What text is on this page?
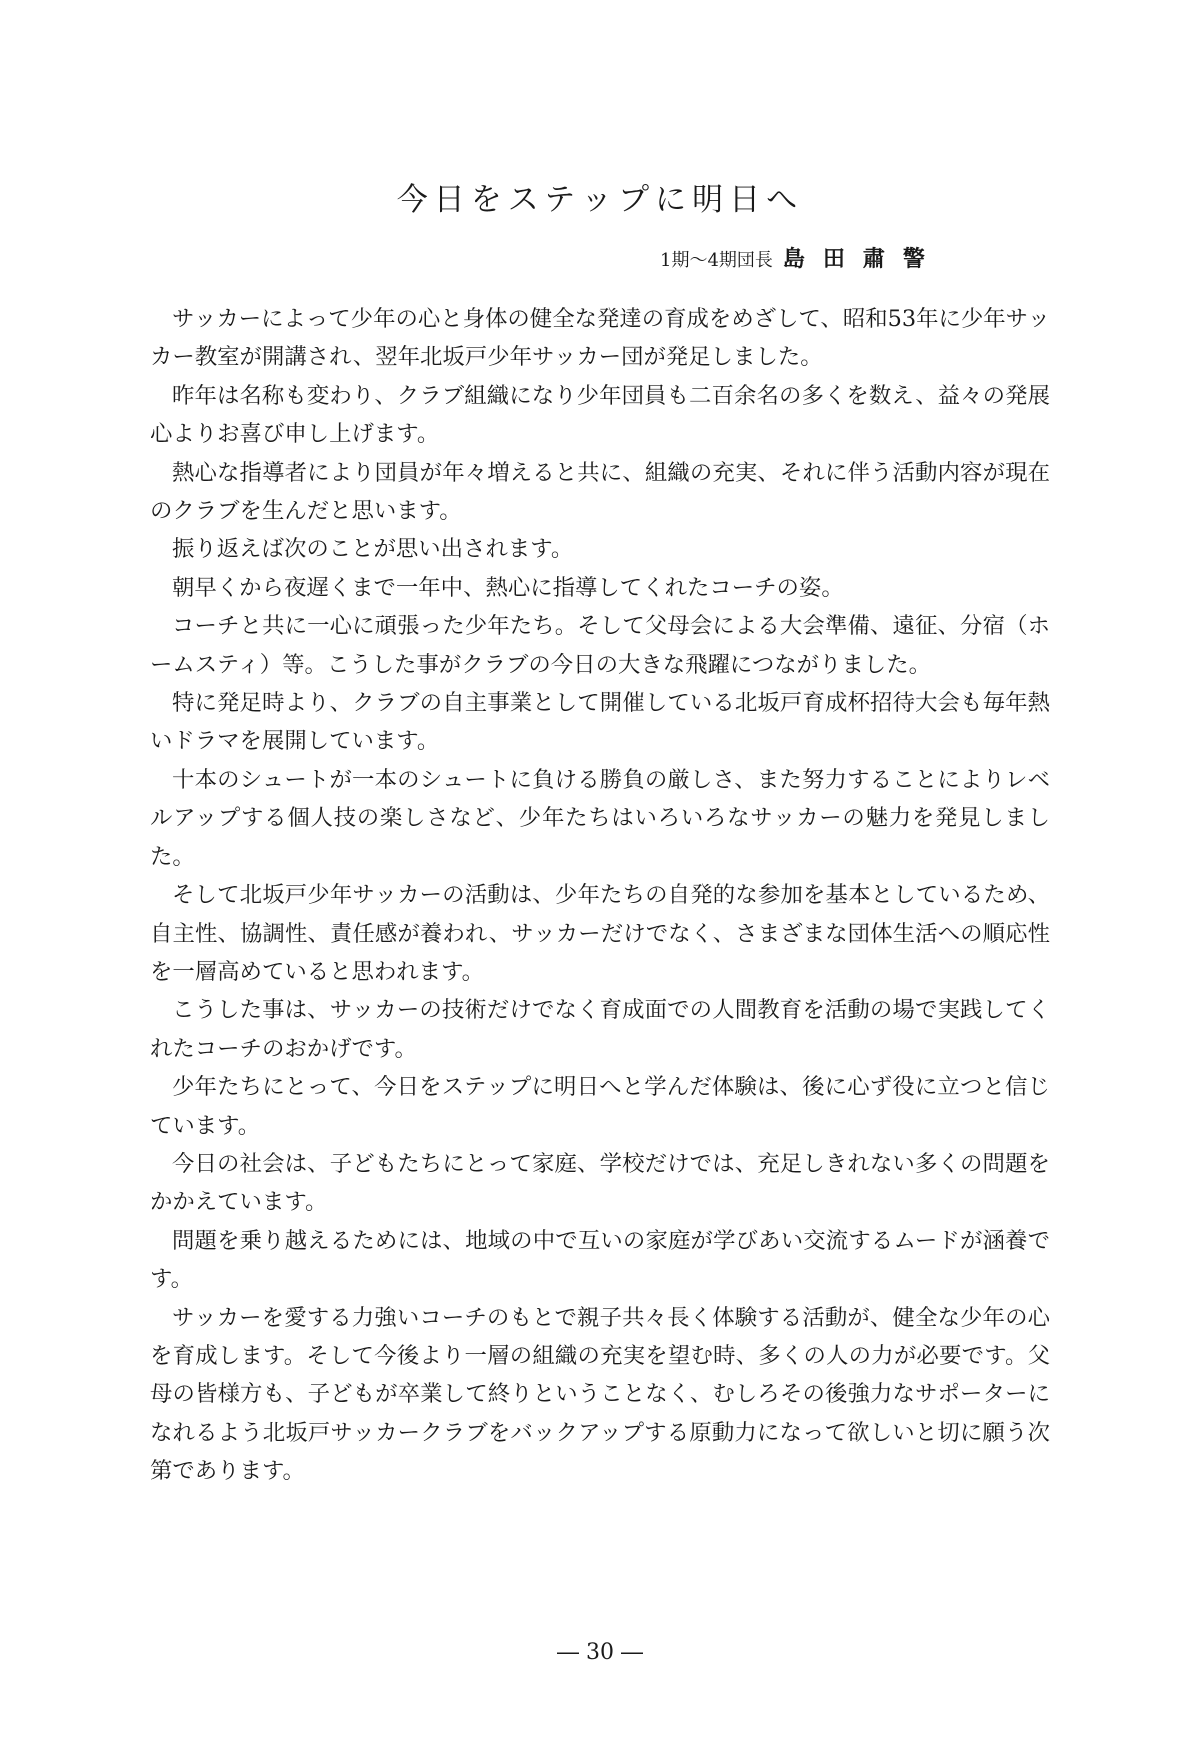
今日をステップに明日へ
1期～4期団長 島田肅警

サッカーによって少年の心と身体の健全な発達の育成をめざして、昭和53年に少年サッカー教室が開講され、翌年北坂戸少年サッカー団が発足しました。

昨年は名称も変わり、クラブ組織になり少年団員も二百余名の多くを数え、益々の発展心よりお喜び申し上げます。

熱心な指導者により団員が年々増えると共に、組織の充実、それに伴う活動内容が現在のクラブを生んだと思います。

振り返えば次のことが思い出されます。

朝早くから夜遅くまで一年中、熱心に指導してくれたコーチの姿。

コーチと共に一心に頑張った少年たち。そして父母会による大会準備、遠征、分宿（ホームスティ）等。こうした事がクラブの今日の大きな飛躍につながりました。

特に発足時より、クラブの自主事業として開催している北坂戸育成杯招待大会も毎年熱いドラマを展開しています。

十本のシュートが一本のシュートに負ける勝負の厳しさ、また努力することによりレベルアップする個人技の楽しさなど、少年たちはいろいろなサッカーの魅力を発見しました。

そして北坂戸少年サッカーの活動は、少年たちの自発的な参加を基本としているため、自主性、協調性、責任感が養われ、サッカーだけでなく、さまざまな団体生活への順応性を一層高めていると思われます。

こうした事は、サッカーの技術だけでなく育成面での人間教育を活動の場で実践してくれたコーチのおかげです。

少年たちにとって、今日をステップに明日へと学んだ体験は、後に心ず役に立つと信じています。

今日の社会は、子どもたちにとって家庭、学校だけでは、充足しきれない多くの問題をかかえています。

問題を乗り越えるためには、地域の中で互いの家庭が学びあい交流するムードが涵養です。

サッカーを愛する力強いコーチのもとで親子共々長く体験する活動が、健全な少年の心を育成します。そして今後より一層の組織の充実を望む時、多くの人の力が必要です。父母の皆様方も、子どもが卒業して終りということなく、むしろその後強力なサポーターになれるよう北坂戸サッカークラブをバックアップする原動力になって欲しいと切に願う次第であります。

― 30 ―
